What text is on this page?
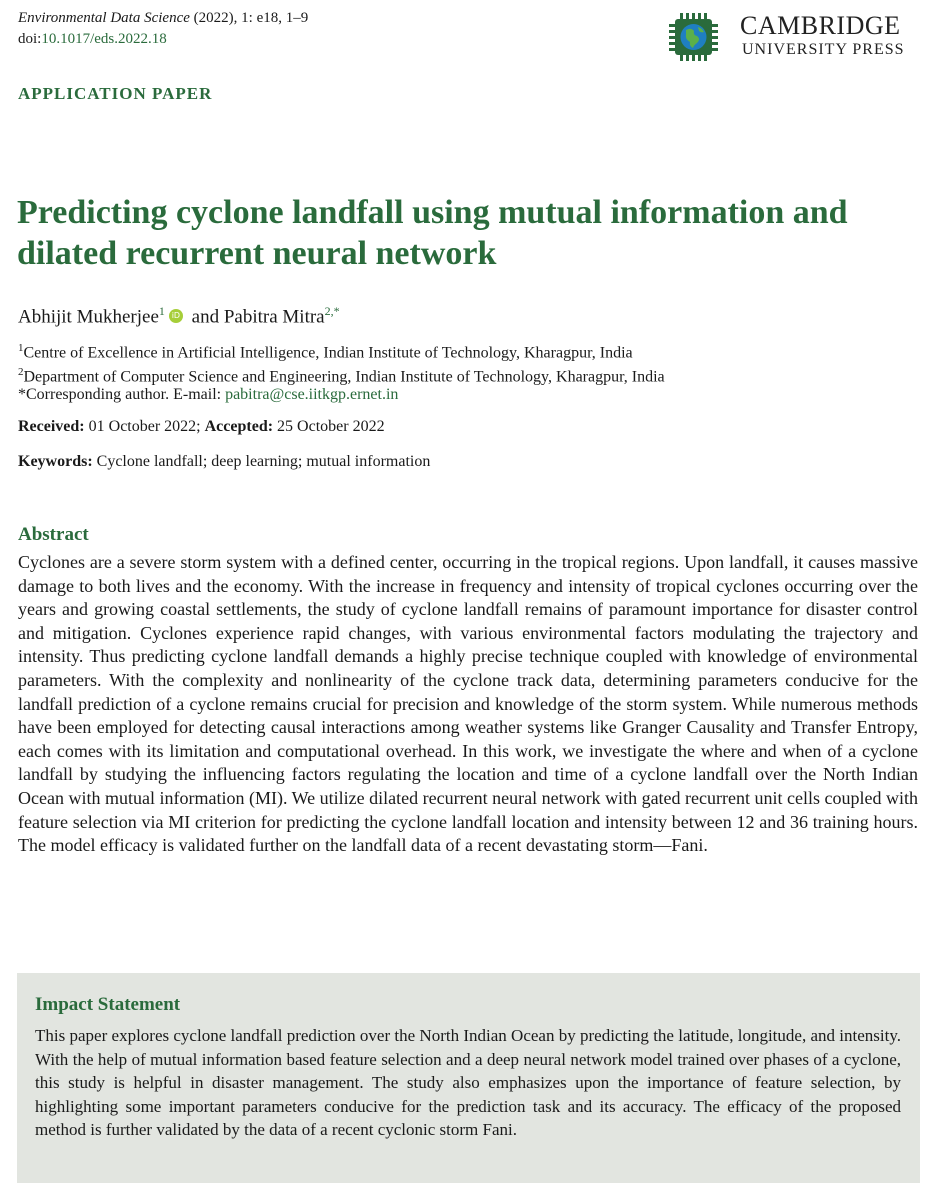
Environmental Data Science (2022), 1: e18, 1–9
doi:10.1017/eds.2022.18	CAMBRIDGE
UNIVERSITY PRESS
APPLICATION PAPER
Predicting cyclone landfall using mutual information and dilated recurrent neural network
Abhijit Mukherjee$^1$ iD and Pabitra Mitra$^{2,*}$
$^1$Centre of Excellence in Artificial Intelligence, Indian Institute of Technology, Kharagpur, India
$^2$Department of Computer Science and Engineering, Indian Institute of Technology, Kharagpur, India
*Corresponding author. E-mail: pabitra@cse.iitkgp.ernet.in
Received: 01 October 2022; Accepted: 25 October 2022
Keywords: Cyclone landfall; deep learning; mutual information
Abstract

Cyclones are a severe storm system with a defined center, occurring in the tropical regions. Upon landfall, it causes massive damage to both lives and the economy. With the increase in frequency and intensity of tropical cyclones occurring over the years and growing coastal settlements, the study of cyclone landfall remains of paramount importance for disaster control and mitigation. Cyclones experience rapid changes, with various environmental factors modulating the trajectory and intensity. Thus predicting cyclone landfall demands a highly precise technique coupled with knowledge of environmental parameters. With the complexity and nonlinearity of the cyclone track data, determining parameters conducive for the landfall prediction of a cyclone remains crucial for precision and knowledge of the storm system. While numerous methods have been employed for detecting causal interactions among weather systems like Granger Causality and Transfer Entropy, each comes with its limitation and computational overhead. In this work, we investigate the where and when of a cyclone landfall by studying the influencing factors regulating the location and time of a cyclone landfall over the North Indian Ocean with mutual information (MI). We utilize dilated recurrent neural network with gated recurrent unit cells coupled with feature selection via MI criterion for predicting the cyclone landfall location and intensity between 12 and 36 training hours. The model efficacy is validated further on the landfall data of a recent devastating storm—Fani.

Impact Statement

This paper explores cyclone landfall prediction over the North Indian Ocean by predicting the latitude, longitude, and intensity. With the help of mutual information based feature selection and a deep neural network model trained over phases of a cyclone, this study is helpful in disaster management. The study also emphasizes upon the importance of feature selection, by highlighting some important parameters conducive for the prediction task and its accuracy. The efficacy of the proposed method is further validated by the data of a recent cyclonic storm Fani.
